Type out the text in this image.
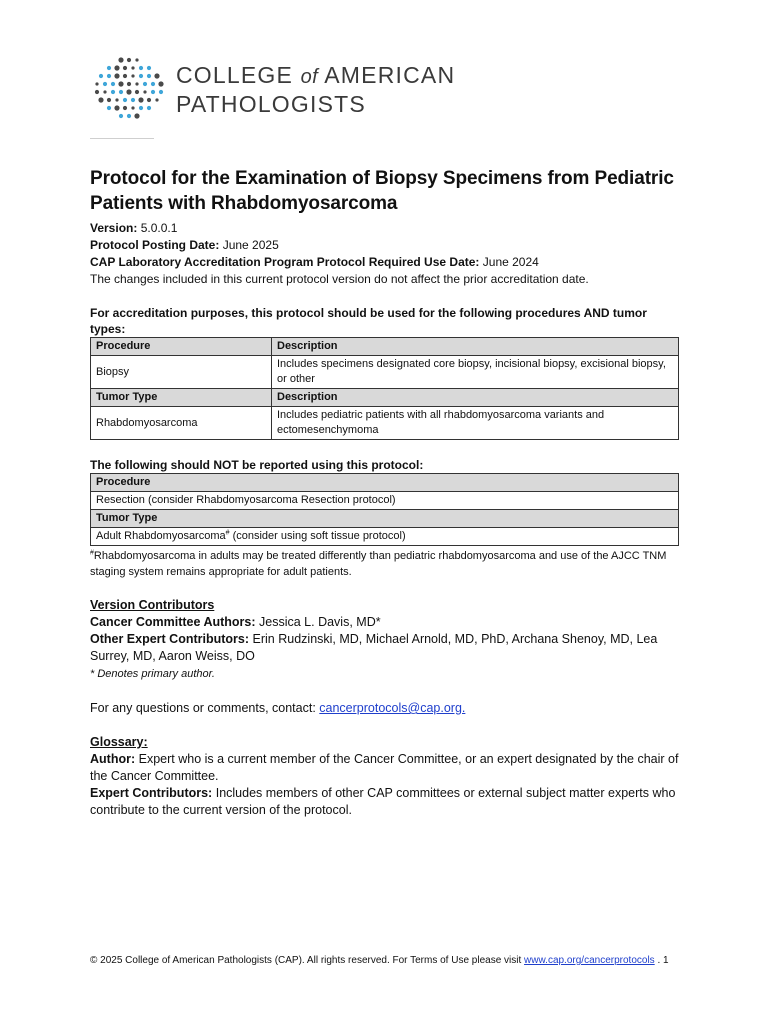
COLLEGE of AMERICAN
PATHOLOGISTS
Protocol for the Examination of Biopsy Specimens from Pediatric Patients with Rhabdomyosarcoma
Version: 5.0.0.1
Protocol Posting Date: June 2025
CAP Laboratory Accreditation Program Protocol Required Use Date: June 2024
The changes included in this current protocol version do not affect the prior accreditation date.
For accreditation purposes, this protocol should be used for the following procedures AND tumor types:
Procedure	Description
Biopsy	Includes specimens designated core biopsy, incisional biopsy, excisional biopsy, or other
Tumor Type	Description
Rhabdomyosarcoma	Includes pediatric patients with all rhabdomyosarcoma variants and ectomesenchymoma
The following should NOT be reported using this protocol:
Procedure
Resection (consider Rhabdomyosarcoma Resection protocol)
Tumor Type
Adult Rhabdomyosarcoma# (consider using soft tissue protocol)
#Rhabdomyosarcoma in adults may be treated differently than pediatric rhabdomyosarcoma and use of the AJCC TNM staging system remains appropriate for adult patients.
Version Contributors
Cancer Committee Authors: Jessica L. Davis, MD*
Other Expert Contributors: Erin Rudzinski, MD, Michael Arnold, MD, PhD, Archana Shenoy, MD, Lea Surrey, MD, Aaron Weiss, DO
* Denotes primary author.
For any questions or comments, contact: cancerprotocols@cap.org.
Glossary:
Author: Expert who is a current member of the Cancer Committee, or an expert designated by the chair of the Cancer Committee.
Expert Contributors: Includes members of other CAP committees or external subject matter experts who contribute to the current version of the protocol.
© 2025 College of American Pathologists (CAP). All rights reserved. For Terms of Use please visit www.cap.org/cancerprotocols . 1
